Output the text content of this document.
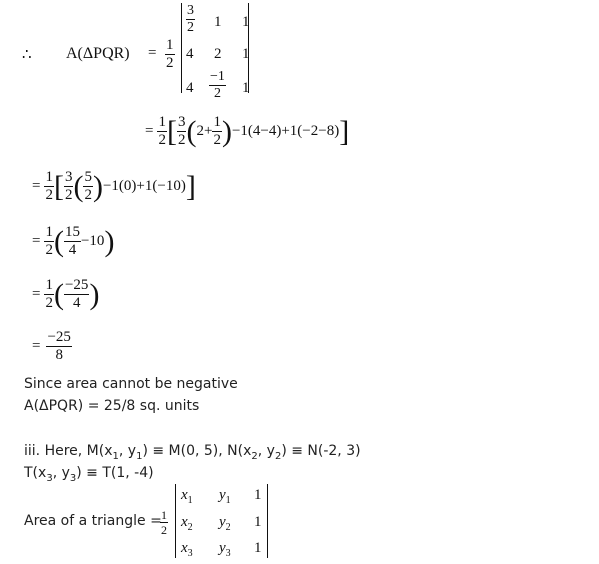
∴ $A(\Delta PQR) = \frac{1}{2}$
$\frac{3}{2} 1$ 1
4 2 1
$4 \frac{-1}{2} 1$
= $\frac{1}{2}$ [ $\frac{3}{2}$ ( $2+ \frac{1}{2}$ ) −1(4−4)+1(−2−8) ]
= $\frac{1}{2}$ [ $\frac{3}{2}$ ( $\frac{5}{2}$ ) −1(0)+1(−10) ]
= $\frac{1}{2}$ ( $\frac{15}{4} -10$ )
= $\frac{1}{2}$ ( $\frac{-25}{4}$ )
= $\frac{-25}{8}$
Since area cannot be negative
A(ΔPQR) = 25/8 sq. units
iii. Here, $M(x_1$, $y_1) \equiv M(0$, 5), $N(x_2$, $y_2) \equiv N(-2$, 3)
$T(x_3$, $y_3) \equiv T(1$, -4)
Area of a triangle =
$\frac{1}{2}$
$x_1$ $y_1$ 1
$x_2$ $y_2$ 1
$x_3$ $y_3$ 1
